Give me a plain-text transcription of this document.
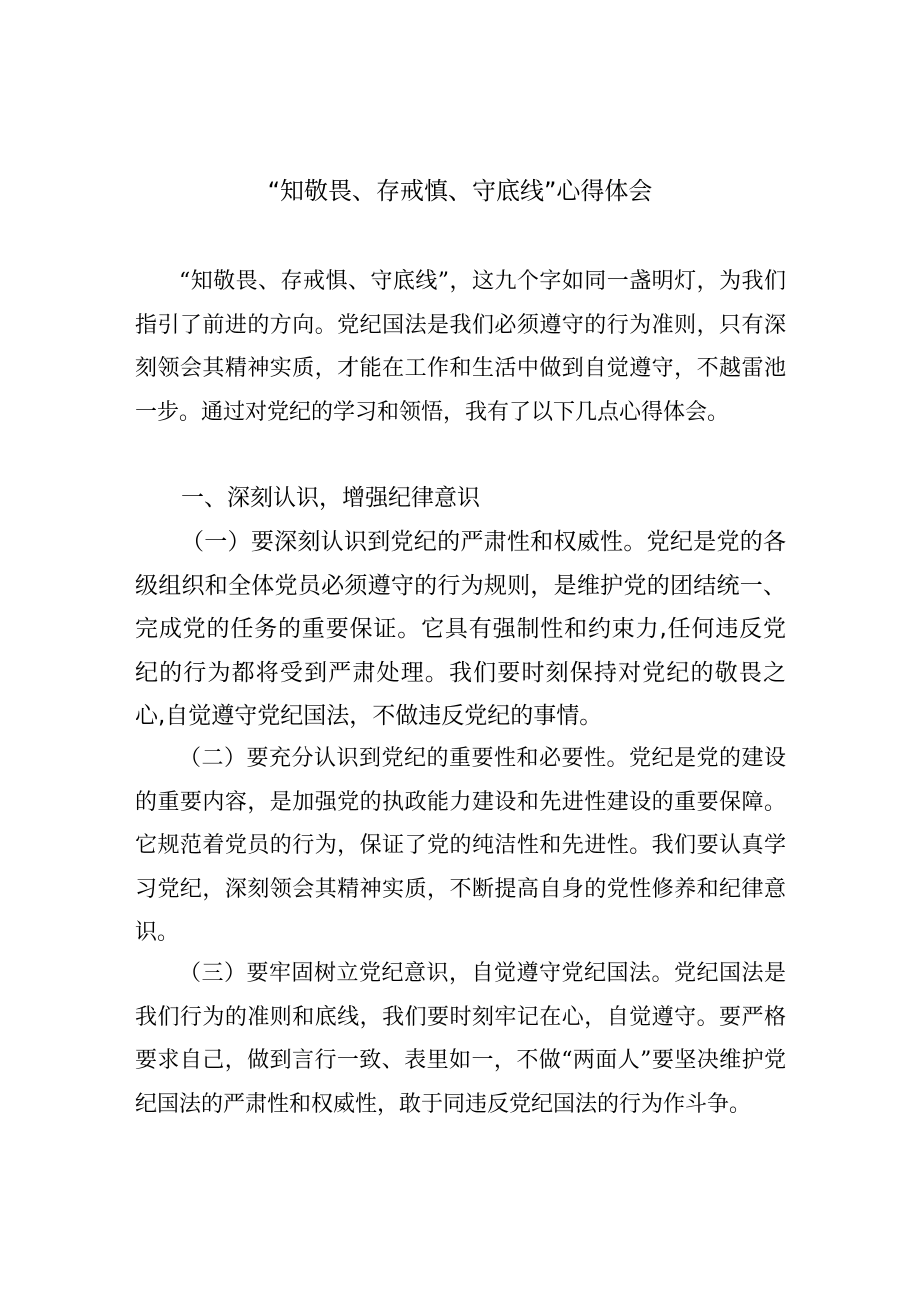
“知敬畏、存戒慎、守底线”心得体会

“知敬畏、存戒惧、守底线”，这九个字如同一盏明灯，为我们指引了前进的方向。党纪国法是我们必须遵守的行为准则，只有深刻领会其精神实质，才能在工作和生活中做到自觉遵守，不越雷池一步。通过对党纪的学习和领悟，我有了以下几点心得体会。

一、深刻认识，增强纪律意识

（一）要深刻认识到党纪的严肃性和权威性。党纪是党的各级组织和全体党员必须遵守的行为规则，是维护党的团结统一、完成党的任务的重要保证。它具有强制性和约束力,任何违反党纪的行为都将受到严肃处理。我们要时刻保持对党纪的敬畏之心,自觉遵守党纪国法，不做违反党纪的事情。

（二）要充分认识到党纪的重要性和必要性。党纪是党的建设的重要内容，是加强党的执政能力建设和先进性建设的重要保障。它规范着党员的行为，保证了党的纯洁性和先进性。我们要认真学习党纪，深刻领会其精神实质，不断提高自身的党性修养和纪律意识。

（三）要牢固树立党纪意识，自觉遵守党纪国法。党纪国法是我们行为的准则和底线，我们要时刻牢记在心，自觉遵守。要严格要求自己，做到言行一致、表里如一，不做“两面人”要坚决维护党纪国法的严肃性和权威性，敢于同违反党纪国法的行为作斗争。
